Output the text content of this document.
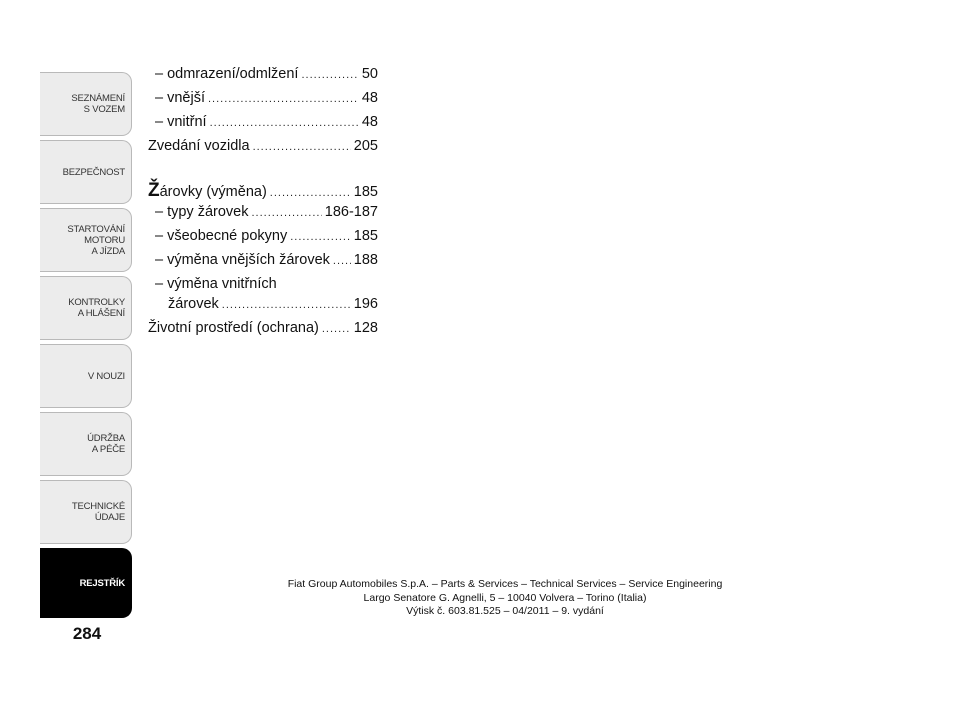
SEZNÁMENÍ
S VOZEM
BEZPEČNOST
STARTOVÁNÍ
MOTORU
A JÍZDA
KONTROLKY
A HLÁŠENÍ
V NOUZI
ÚDRŽBA
A PÉČE
TECHNICKÉ
ÚDAJE
REJSTŘÍK
284
– odmrazení/odmlžení .....	50
– vnější .....	48
– vnitřní .....	48
Zvedání vozidla .....	205
Žárovky (výměna) .....	185
– typy žárovek .....	186-187
– všeobecné pokyny .....	185
– výměna vnějších žárovek ..... 188
– výměna vnitřních
žárovek .....	196
Životní prostředí (ochrana) ..... 128
Fiat Group Automobiles S.p.A. – Parts & Services – Technical Services – Service Engineering
Largo Senatore G. Agnelli, 5 – 10040 Volvera – Torino (Italia)
Výtisk č. 603.81.525 – 04/2011 – 9. vydání
